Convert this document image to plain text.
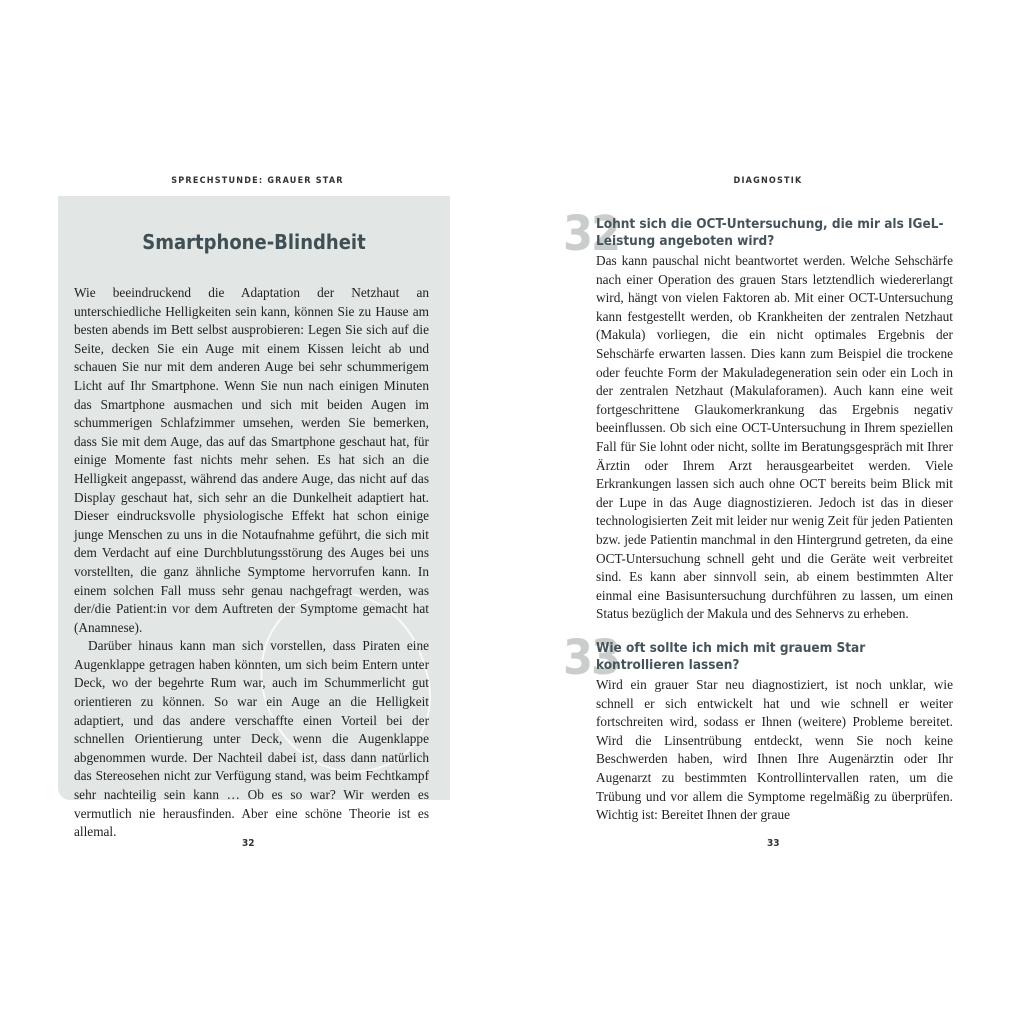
SPRECHSTUNDE: GRAUER STAR	DIAGNOSTIK
Smartphone-Blindheit

Wie beeindruckend die Adaptation der Netzhaut an unterschiedliche Helligkeiten sein kann, können Sie zu Hause am besten abends im Bett selbst ausprobieren: Legen Sie sich auf die Seite, decken Sie ein Auge mit einem Kissen leicht ab und schauen Sie nur mit dem anderen Auge bei sehr schummerigem Licht auf Ihr Smartphone. Wenn Sie nun nach einigen Minuten das Smartphone ausmachen und sich mit beiden Augen im schummerigen Schlafzimmer umsehen, werden Sie bemerken, dass Sie mit dem Auge, das auf das Smartphone geschaut hat, für einige Momente fast nichts mehr sehen. Es hat sich an die Helligkeit angepasst, während das andere Auge, das nicht auf das Display geschaut hat, sich sehr an die Dunkelheit adaptiert hat. Dieser eindrucksvolle physiologische Effekt hat schon einige junge Menschen zu uns in die Notaufnahme geführt, die sich mit dem Verdacht auf eine Durchblutungsstörung des Auges bei uns vorstellten, die ganz ähnliche Symptome hervorrufen kann. In einem solchen Fall muss sehr genau nachgefragt werden, was der/die Patient:in vor dem Auftreten der Symptome gemacht hat (Anamnese).

Darüber hinaus kann man sich vorstellen, dass Piraten eine Augenklappe getragen haben könnten, um sich beim Entern unter Deck, wo der begehrte Rum war, auch im Schummerlicht gut orientieren zu können. So war ein Auge an die Helligkeit adaptiert, und das andere verschaffte einen Vorteil bei der schnellen Orientierung unter Deck, wenn die Augenklappe abgenommen wurde. Der Nachteil dabei ist, dass dann natürlich das Stereosehen nicht zur Verfügung stand, was beim Fechtkampf sehr nachteilig sein kann … Ob es so war? Wir werden es vermutlich nie herausfinden. Aber eine schöne Theorie ist es allemal.

32
Lohnt sich die OCT-Untersuchung, die mir als IGeL-Leistung angeboten wird?
Das kann pauschal nicht beantwortet werden. Welche Sehschärfe nach einer Operation des grauen Stars letztendlich wiedererlangt wird, hängt von vielen Faktoren ab. Mit einer OCT-Untersuchung kann festgestellt werden, ob Krankheiten der zentralen Netzhaut (Makula) vorliegen, die ein nicht optimales Ergebnis der Sehschärfe erwarten lassen. Dies kann zum Beispiel die trockene oder feuchte Form der Makuladegeneration sein oder ein Loch in der zentralen Netzhaut (Makulaforamen). Auch kann eine weit fortgeschrittene Glaukomerkrankung das Ergebnis negativ beeinflussen. Ob sich eine OCT-Untersuchung in Ihrem speziellen Fall für Sie lohnt oder nicht, sollte im Beratungsgespräch mit Ihrer Ärztin oder Ihrem Arzt herausgearbeitet werden. Viele Erkrankungen lassen sich auch ohne OCT bereits beim Blick mit der Lupe in das Auge diagnostizieren. Jedoch ist das in dieser technologisierten Zeit mit leider nur wenig Zeit für jeden Patienten bzw. jede Patientin manchmal in den Hintergrund getreten, da eine OCT-Untersuchung schnell geht und die Geräte weit verbreitet sind. Es kann aber sinnvoll sein, ab einem bestimmten Alter einmal eine Basisuntersuchung durchführen zu lassen, um einen Status bezüglich der Makula und des Sehnervs zu erheben.
33
Wie oft sollte ich mich mit grauem Star kontrollieren lassen?
Wird ein grauer Star neu diagnostiziert, ist noch unklar, wie schnell er sich entwickelt hat und wie schnell er weiter fortschreiten wird, sodass er Ihnen (weitere) Probleme bereitet. Wird die Linsentrübung entdeckt, wenn Sie noch keine Beschwerden haben, wird Ihnen Ihre Augenärztin oder Ihr Augenarzt zu bestimmten Kontrollintervallen raten, um die Trübung und vor allem die Symptome regelmäßig zu überprüfen. Wichtig ist: Bereitet Ihnen der graue
32	33
